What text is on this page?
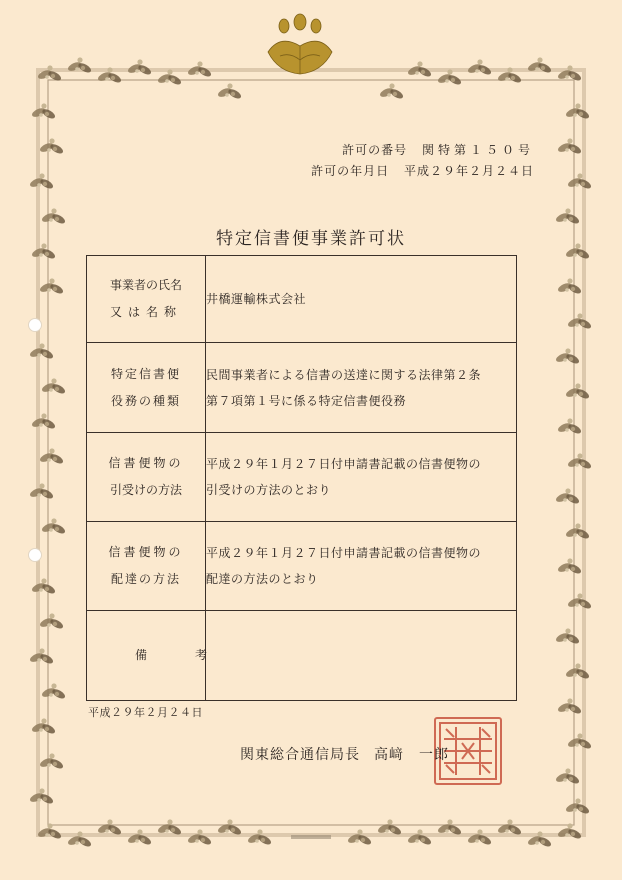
許可の番号 関特第１５０号
許可の年月日 平成２９年２月２４日
特定信書便事業許可状
事業者の氏名
又は名称	井橋運輸株式会社

特定信書便
役務の種類	民間事業者による信書の送達に関する法律第２条
第７項第１号に係る特定信書便役務

信書便物の
引受けの方法	平成２９年１月２７日付申請書記載の信書便物の
引受けの方法のとおり

信書便物の
配達の方法	平成２９年１月２７日付申請書記載の信書便物の
配達の方法のとおり

備考	

平成２９年２月２４日
関東総合通信局長 高﨑　一郎
